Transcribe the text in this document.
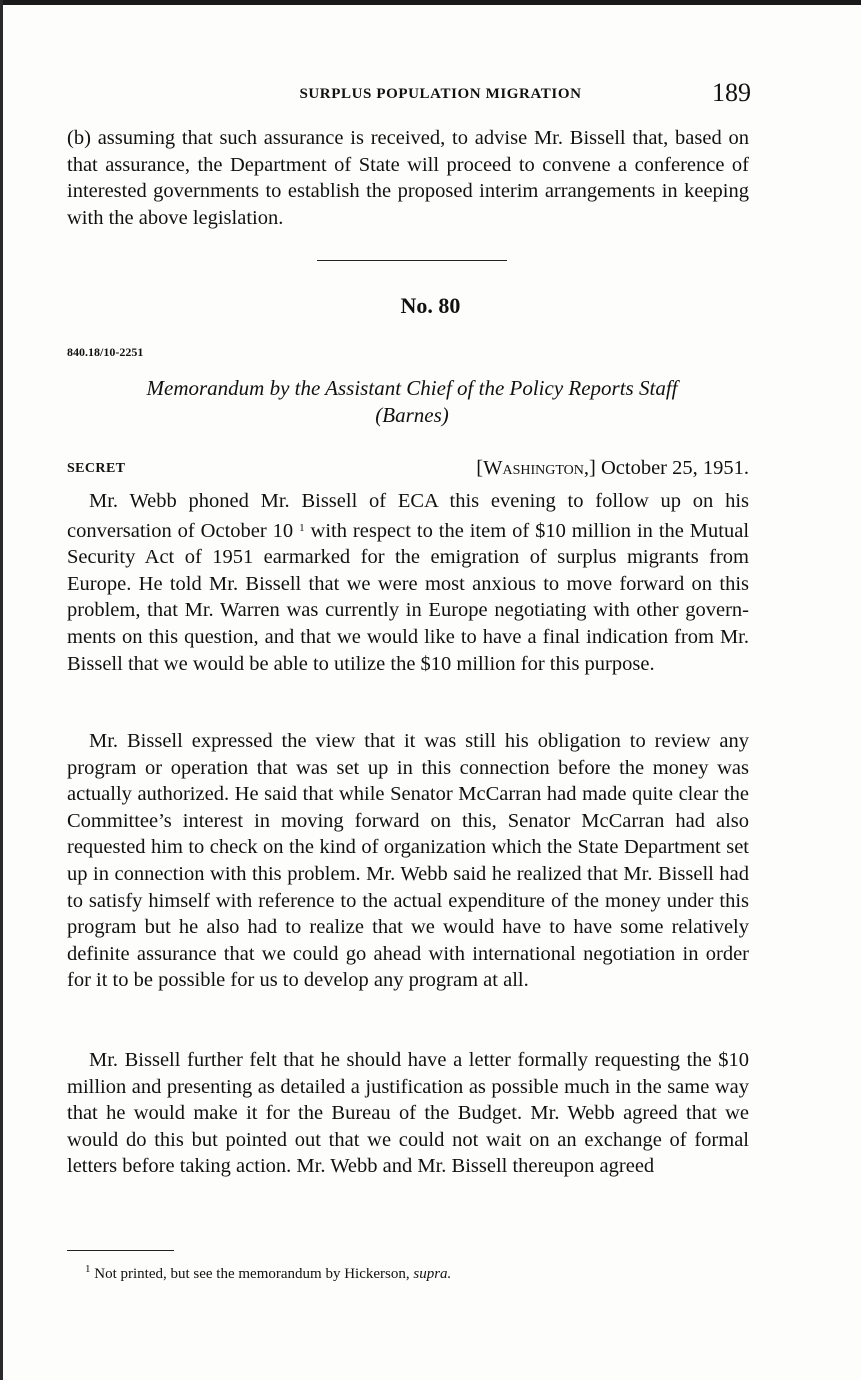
SURPLUS POPULATION MIGRATION	189
(b) assuming that such assurance is received, to advise Mr. Bissell that, based on that assurance, the Department of State will proceed to convene a conference of interested governments to establish the proposed interim arrangements in keeping with the above legislation.
No. 80
840.18/10-2251
Memorandum by the Assistant Chief of the Policy Reports Staff
(Barnes)
SECRET	[Washington,] October 25, 1951.
Mr. Webb phoned Mr. Bissell of ECA this evening to follow up on his conversation of October 10 $^1$ with respect to the item of $10 million in the Mutual Security Act of 1951 earmarked for the emigration of surplus migrants from Europe. He told Mr. Bissell that we were most anxious to move forward on this problem, that Mr. Warren was currently in Europe negotiating with other governments on this question, and that we would like to have a final indication from Mr. Bissell that we would be able to utilize the $10 million for this purpose.
Mr. Bissell expressed the view that it was still his obligation to review any program or operation that was set up in this connection before the money was actually authorized. He said that while Senator McCarran had made quite clear the Committee’s interest in moving forward on this, Senator McCarran had also requested him to check on the kind of organization which the State Department set up in connection with this problem. Mr. Webb said he realized that Mr. Bissell had to satisfy himself with reference to the actual expenditure of the money under this program but he also had to realize that we would have to have some relatively definite assurance that we could go ahead with international negotiation in order for it to be possible for us to develop any program at all.
Mr. Bissell further felt that he should have a letter formally requesting the $10 million and presenting as detailed a justification as possible much in the same way that he would make it for the Bureau of the Budget. Mr. Webb agreed that we would do this but pointed out that we could not wait on an exchange of formal letters before taking action. Mr. Webb and Mr. Bissell thereupon agreed
$^1$ Not printed, but see the memorandum by Hickerson, supra.
